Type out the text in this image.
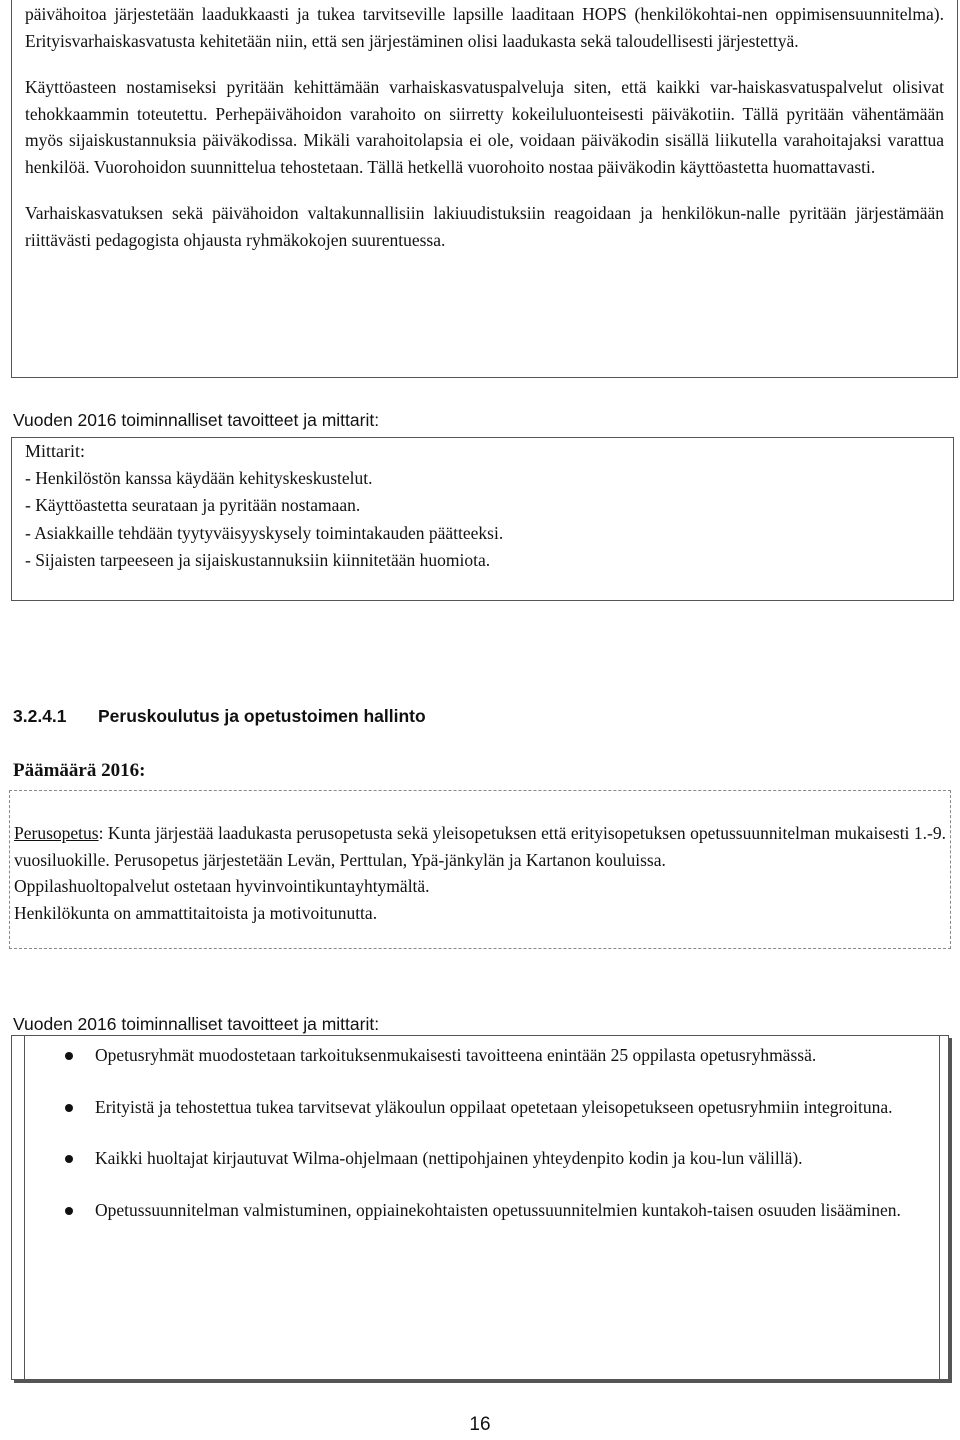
päivähoitoa järjestetään laadukkaasti ja tukea tarvitseville lapsille laaditaan HOPS (henkilökohtai-nen oppimisensuunnitelma). Erityisvarhaiskasvatusta kehitetään niin, että sen järjestäminen olisi laadukasta sekä taloudellisesti järjestettyä.

Käyttöasteen nostamiseksi pyritään kehittämään varhaiskasvatuspalveluja siten, että kaikki var-haiskasvatuspalvelut olisivat tehokkaammin toteutettu. Perhepäivähoidon varahoito on siirretty kokeiluluonteisesti päiväkotiin. Tällä pyritään vähentämään myös sijaiskustannuksia päiväkodissa. Mikäli varahoitolapsia ei ole, voidaan päiväkodin sisällä liikutella varahoitajaksi varattua henkilöä. Vuorohoidon suunnittelua tehostetaan. Tällä hetkellä vuorohoito nostaa päiväkodin käyttöastetta huomattavasti.

Varhaiskasvatuksen sekä päivähoidon valtakunnallisiin lakiuudistuksiin reagoidaan ja henkilökun-nalle pyritään järjestämään riittävästi pedagogista ohjausta ryhmäkokojen suurentuessa.

Vuoden 2016 toiminnalliset tavoitteet ja mittarit:
Mittarit:
- Henkilöstön kanssa käydään kehityskeskustelut.
- Käyttöastetta seurataan ja pyritään nostamaan.
- Asiakkaille tehdään tyytyväisyyskysely toimintakauden päätteeksi.
- Sijaisten tarpeeseen ja sijaiskustannuksiin kiinnitetään huomiota.
3.2.4.1 Peruskoulutus ja opetustoimen hallinto
Päämäärä 2016:

Perusopetus: Kunta järjestää laadukasta perusopetusta sekä yleisopetuksen että erityisopetuksen opetussuunnitelman mukaisesti 1.-9. vuosiluokille. Perusopetus järjestetään Levän, Perttulan, Ypä-jänkylän ja Kartanon kouluissa.

Oppilashuoltopalvelut ostetaan hyvinvointikuntayhtymältä.

Henkilökunta on ammattitaitoista ja motivoitunutta.

Vuoden 2016 toiminnalliset tavoitteet ja mittarit:
Opetusryhmät muodostetaan tarkoituksenmukaisesti tavoitteena enintään 25 oppilasta opetusryhmässä.
Erityistä ja tehostettua tukea tarvitsevat yläkoulun oppilaat opetetaan yleisopetukseen opetusryhmiin integroituna.
Kaikki huoltajat kirjautuvat Wilma-ohjelmaan (nettipohjainen yhteydenpito kodin ja kou-lun välillä).
Opetussuunnitelman valmistuminen, oppiainekohtaisten opetussuunnitelmien kuntakoh-taisen osuuden lisääminen.
16
